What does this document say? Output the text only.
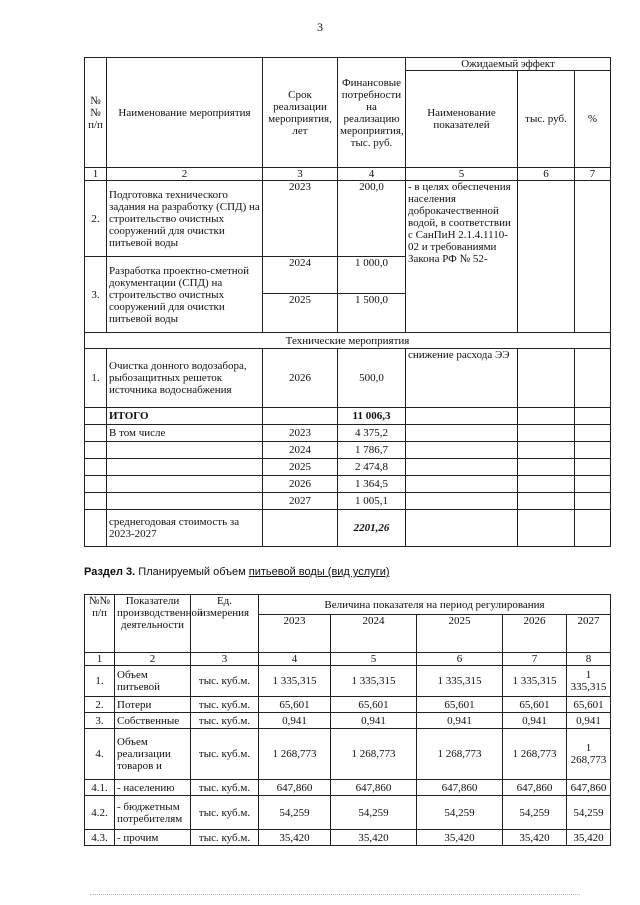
3
№№ п/п	Наименование мероприятия	Срок реализации мероприятия, лет	Финансовые потребности на реализацию мероприятия, тыс. руб.	Ожидаемый эффект		
				Наименование показателей	тыс. руб.	%
1	2	3	4	5	6	7
2.	Подготовка технического задания на разработку (СПД) на строительство очистных сооружений для очистки питьевой воды	2023	200,0	- в целях обеспечения населения доброкачественной водой, в соответствии с СанПиН 2.1.4.1110-02 и требованиями Закона РФ № 52-		
3.	Разработка проектно-сметной документации (СПД) на строительство очистных сооружений для очистки питьевой воды	2024	1 000,0			
		2025	1 500,0			
Технические мероприятия						
1.	Очистка донного водозабора, рыбозащитных решеток источника водоснабжения	2026	500,0	снижение расхода ЭЭ		
	ИТОГО		11 006,3			
	В том числе	2023	4 375,2			
		2024	1 786,7			
		2025	2 474,8			
		2026	1 364,5			
		2027	1 005,1			
	среднегодовая стоимость за 2023-2027		2201,26			
Раздел 3. Планируемый объем питьевой воды (вид услуги)
№№ п/п	Показатели производственной деятельности	Ед. измерения	Величина показателя на период регулирования				
			2023	2024	2025	2026	2027
1	2	3	4	5	6	7	8
1.	Объем питьевой	тыс. куб.м.	1 335,315	1 335,315	1 335,315	1 335,315	1 335,315
2.	Потери	тыс. куб.м.	65,601	65,601	65,601	65,601	65,601
3.	Собственные	тыс. куб.м.	0,941	0,941	0,941	0,941	0,941
4.	Объем реализации товаров и	тыс. куб.м.	1 268,773	1 268,773	1 268,773	1 268,773	1 268,773
4.1.	- населению	тыс. куб.м.	647,860	647,860	647,860	647,860	647,860
4.2.	- бюджетным потребителям	тыс. куб.м.	54,259	54,259	54,259	54,259	54,259
4.3.	- прочим	тыс. куб.м.	35,420	35,420	35,420	35,420	35,420
